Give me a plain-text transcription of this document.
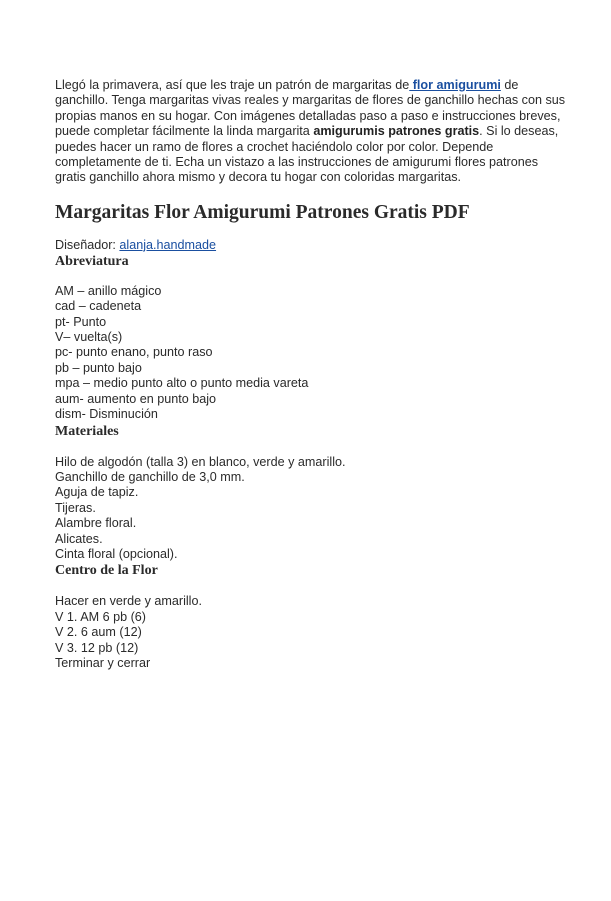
Llegó la primavera, así que les traje un patrón de margaritas de flor amigurumi de ganchillo. Tenga margaritas vivas reales y margaritas de flores de ganchillo hechas con sus propias manos en su hogar. Con imágenes detalladas paso a paso e instrucciones breves, puede completar fácilmente la linda margarita amigurumis patrones gratis. Si lo deseas, puedes hacer un ramo de flores a crochet haciéndolo color por color. Depende completamente de ti. Echa un vistazo a las instrucciones de amigurumi flores patrones gratis ganchillo ahora mismo y decora tu hogar con coloridas margaritas.

Margaritas Flor Amigurumi Patrones Gratis PDF

Diseñador: alanja.handmade

Abreviatura
AM – anillo mágico
cad – cadeneta
pt- Punto
V– vuelta(s)
pc- punto enano, punto raso
pb – punto bajo
mpa – medio punto alto o punto media vareta
aum- aumento en punto bajo
dism- Disminución
Materiales
Hilo de algodón (talla 3) en blanco, verde y amarillo.
Ganchillo de ganchillo de 3,0 mm.
Aguja de tapiz.
Tijeras.
Alambre floral.
Alicates.
Cinta floral (opcional).
Centro de la Flor
Hacer en verde y amarillo.
V 1. AM 6 pb (6)
V 2. 6 aum (12)
V 3. 12 pb (12)
Terminar y cerrar
